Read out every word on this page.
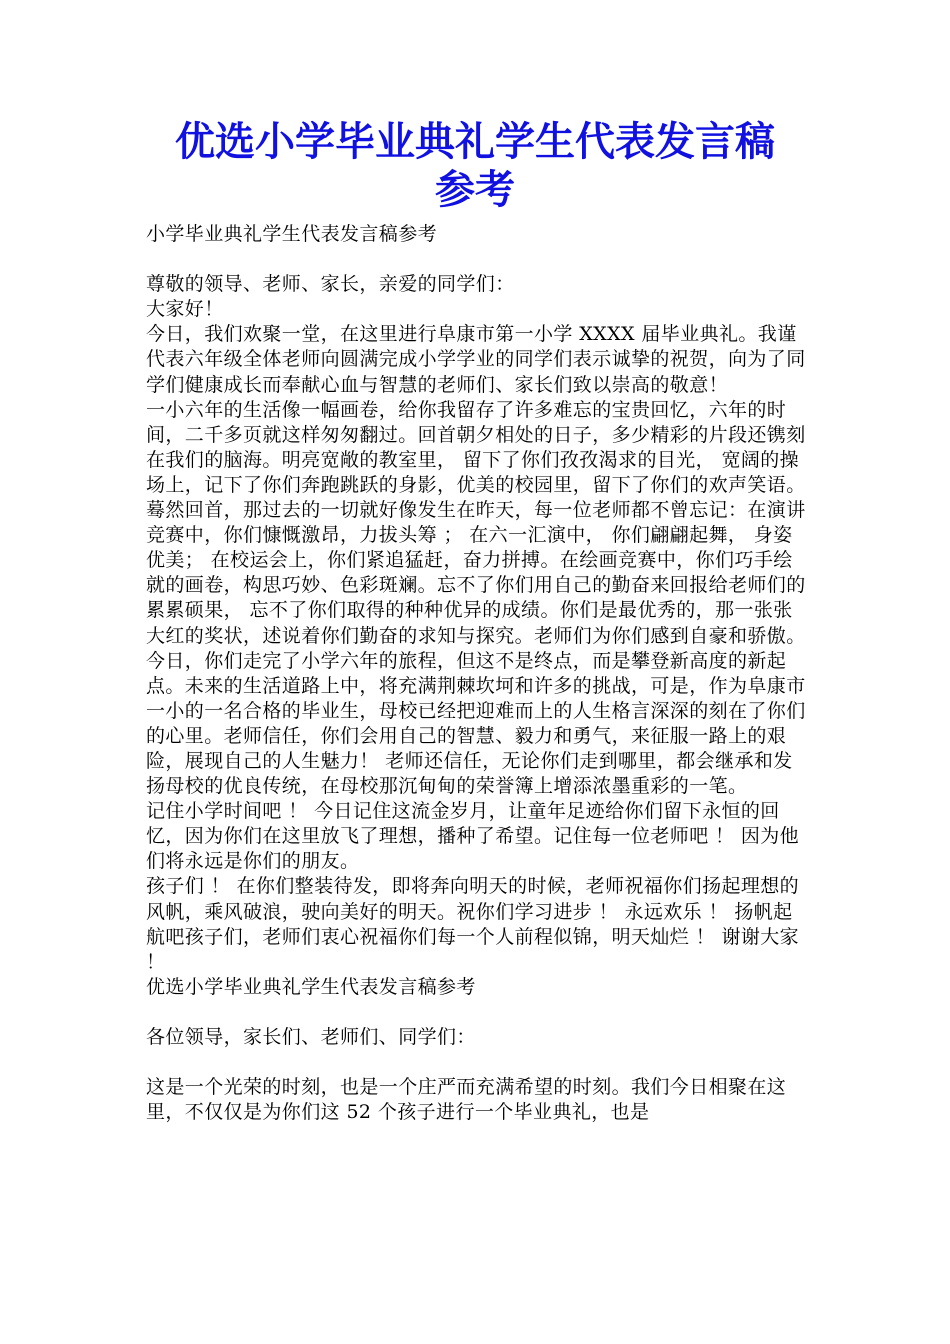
优选小学毕业典礼学生代表发言稿
参考

小学毕业典礼学生代表发言稿参考

尊敬的领导、老师、家长，亲爱的同学们：

大家好！

今日，我们欢聚一堂，在这里进行阜康市第一小学 XXXX 届毕业典礼。我谨代表六年级全体老师向圆满完成小学学业的同学们表示诚挚的祝贺，向为了同学们健康成长而奉献心血与智慧的老师们、家长们致以崇高的敬意！

一小六年的生活像一幅画卷，给你我留存了许多难忘的宝贵回忆，六年的时间，二千多页就这样匆匆翻过。回首朝夕相处的日子，多少精彩的片段还镌刻在我们的脑海。明亮宽敞的教室里， 留下了你们孜孜渴求的目光， 宽阔的操场上，记下了你们奔跑跳跃的身影，优美的校园里，留下了你们的欢声笑语。蓦然回首，那过去的一切就好像发生在昨天，每一位老师都不曾忘记：在演讲竞赛中，你们慷慨激昂，力拔头筹 ； 在六一汇演中， 你们翩翩起舞， 身姿优美； 在校运会上，你们紧追猛赶，奋力拼搏。在绘画竞赛中，你们巧手绘就的画卷，构思巧妙、色彩斑斓。忘不了你们用自己的勤奋来回报给老师们的累累硕果， 忘不了你们取得的种种优异的成绩。你们是最优秀的，那一张张大红的奖状，述说着你们勤奋的求知与探究。老师们为你们感到自豪和骄傲。

今日，你们走完了小学六年的旅程，但这不是终点，而是攀登新高度的新起点。未来的生活道路上中，将充满荆棘坎坷和许多的挑战，可是，作为阜康市一小的一名合格的毕业生，母校已经把迎难而上的人生格言深深的刻在了你们的心里。老师信任，你们会用自己的智慧、毅力和勇气，来征服一路上的艰险，展现自己的人生魅力！ 老师还信任，无论你们走到哪里，都会继承和发扬母校的优良传统，在母校那沉甸甸的荣誉簿上增添浓墨重彩的一笔。

记住小学时间吧 ！ 今日记住这流金岁月，让童年足迹给你们留下永恒的回忆，因为你们在这里放飞了理想，播种了希望。记住每一位老师吧 ！ 因为他们将永远是你们的朋友。

孩子们 ！ 在你们整装待发，即将奔向明天的时候，老师祝福你们扬起理想的风帆，乘风破浪，驶向美好的明天。祝你们学习进步 ！ 永远欢乐 ！ 扬帆起航吧孩子们，老师们衷心祝福你们每一个人前程似锦，明天灿烂 ！ 谢谢大家 ！

优选小学毕业典礼学生代表发言稿参考

各位领导，家长们、老师们、同学们：

这是一个光荣的时刻，也是一个庄严而充满希望的时刻。我们今日相聚在这里，不仅仅是为你们这 52 个孩子进行一个毕业典礼，也是
